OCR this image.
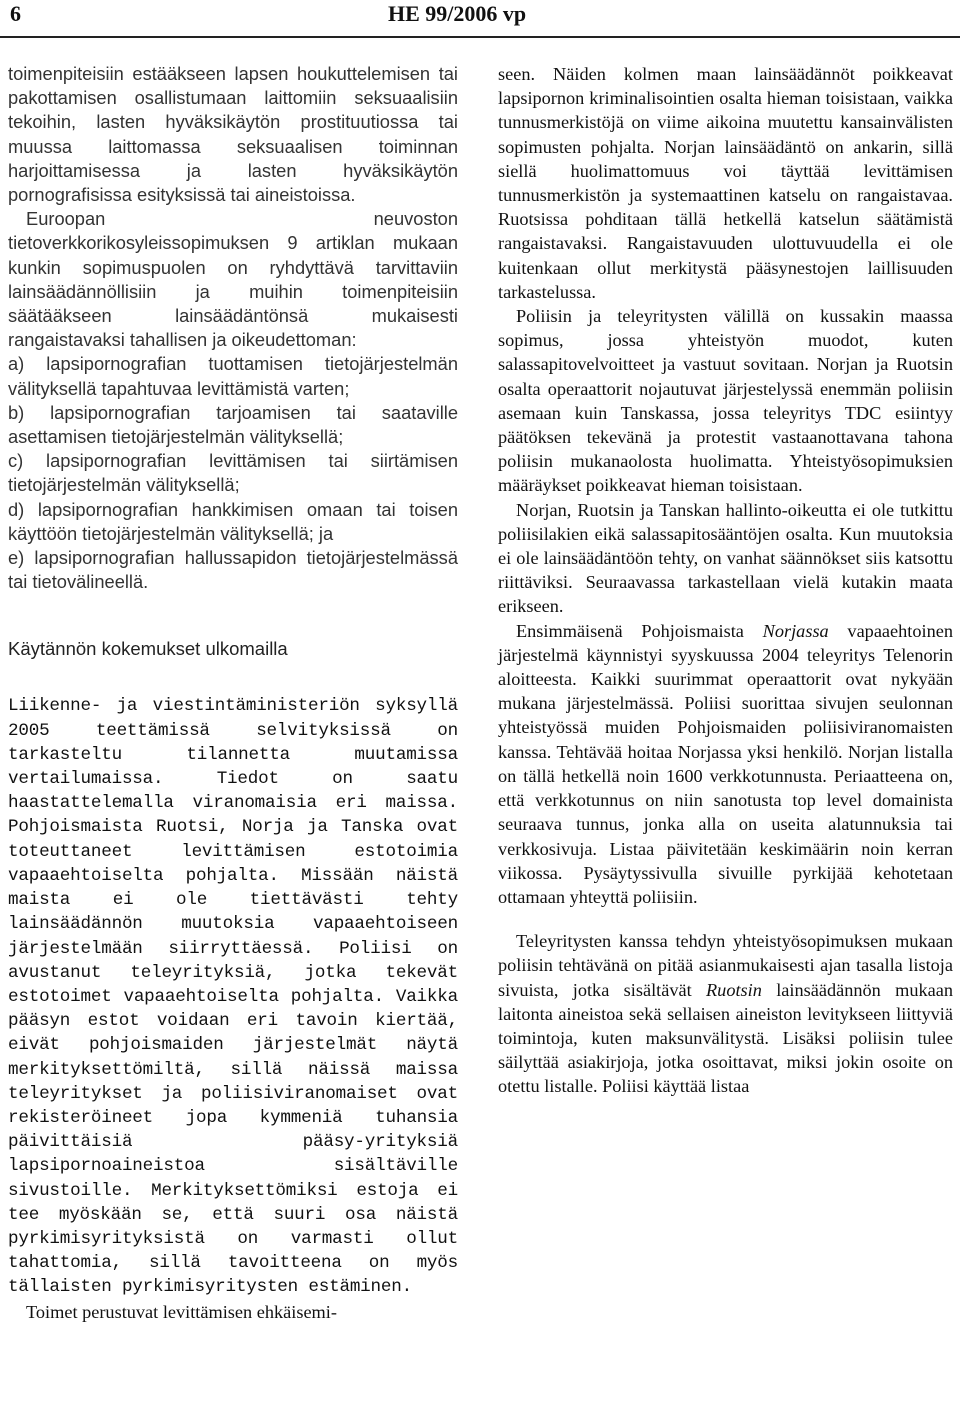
6	HE 99/2006 vp

toimenpiteisiin estääkseen lapsen houkuttelemisen tai pakottamisen osallistumaan laittomiin seksuaalisiin tekoihin, lasten hyväksikäytön prostituutiossa tai muussa laittomassa seksuaalisen toiminnan harjoittamisessa ja lasten hyväksikäytön pornografisissa esityksissä tai aineistoissa.

Euroopan neuvoston tietoverkkorikosyleissopimuksen 9 artiklan mukaan kunkin sopimuspuolen on ryhdyttävä tarvittaviin lainsäädännöllisiin ja muihin toimenpiteisiin säätääkseen lainsäädäntönsä mukaisesti rangaistavaksi tahallisen ja oikeudettoman:

a) lapsipornografian tuottamisen tietojärjestelmän välityksellä tapahtuvaa levittämistä varten;

b) lapsipornografian tarjoamisen tai saataville asettamisen tietojärjestelmän välityksellä;

c) lapsipornografian levittämisen tai siirtämisen tietojärjestelmän välityksellä;

d) lapsipornografian hankkimisen omaan tai toisen käyttöön tietojärjestelmän välityksellä; ja

e) lapsipornografian hallussapidon tietojärjestelmässä tai tietovälineellä.

Käytännön kokemukset ulkomailla

Liikenne- ja viestintäministeriön syksyllä 2005 teettämissä selvityksissä on tarkasteltu tilannetta muutamissa vertailumaissa. Tiedot on saatu haastattelemalla viranomaisia eri maissa. Pohjoismaista Ruotsi, Norja ja Tanska ovat toteuttaneet levittämisen estotoimia vapaaehtoiselta pohjalta. Missään näistä maista ei ole tiettävästi tehty lainsäädännön muutoksia vapaaehtoiseen järjestelmään siirryttäessä. Poliisi on avustanut teleyrityksiä, jotka tekevät estotoimet vapaaehtoiselta pohjalta. Vaikka pääsyn estot voidaan eri tavoin kiertää, eivät pohjoismaiden järjestelmät näytä merkityksettömiltä, sillä näissä maissa teleyritykset ja poliisiviranomaiset ovat rekisteröineet jopa kymmeniä tuhansia päivittäisiä pääsy-yrityksiä lapsipornoaineistoa sisältäville sivustoille. Merkityksettömiksi estoja ei tee myöskään se, että suuri osa näistä pyrkimisyrityksistä on varmasti ollut tahattomia, sillä tavoitteena on myös tällaisten pyrkimisyritysten estäminen.

Toimet perustuvat levittämisen ehkäisemi-

seen. Näiden kolmen maan lainsäädännöt poikkeavat lapsipornon kriminalisointien osalta hieman toisistaan, vaikka tunnusmerkistöjä on viime aikoina muutettu kansainvälisten sopimusten pohjalta. Norjan lainsäädäntö on ankarin, sillä siellä huolimattomuus voi täyttää levittämisen tunnusmerkistön ja systemaattinen katselu on rangaistavaa. Ruotsissa pohditaan tällä hetkellä katselun säätämistä rangaistavaksi. Rangaistavuuden ulottuvuudella ei ole kuitenkaan ollut merkitystä pääsynestojen laillisuuden tarkastelussa.

Poliisin ja teleyritysten välillä on kussakin maassa sopimus, jossa yhteistyön muodot, kuten salassapitovelvoitteet ja vastuut sovitaan. Norjan ja Ruotsin osalta operaattorit nojautuvat järjestelyssä enemmän poliisin asemaan kuin Tanskassa, jossa teleyritys TDC esiintyy päätöksen tekevänä ja protestit vastaanottavana tahona poliisin mukanaolosta huolimatta. Yhteistyösopimuksien määräykset poikkeavat hieman toisistaan.

Norjan, Ruotsin ja Tanskan hallinto-oikeutta ei ole tutkittu poliisilakien eikä salassapitosääntöjen osalta. Kun muutoksia ei ole lainsäädäntöön tehty, on vanhat säännökset siis katsottu riittäviksi. Seuraavassa tarkastellaan vielä kutakin maata erikseen.

Ensimmäisenä Pohjoismaista Norjassa vapaaehtoinen järjestelmä käynnistyi syyskuussa 2004 teleyritys Telenorin aloitteesta. Kaikki suurimmat operaattorit ovat nykyään mukana järjestelmässä. Poliisi suorittaa sivujen seulonnan yhteistyössä muiden Pohjoismaiden poliisiviranomaisten kanssa. Tehtävää hoitaa Norjassa yksi henkilö. Norjan listalla on tällä hetkellä noin 1600 verkkotunnusta. Periaatteena on, että verkkotunnus on niin sanotusta top level domainista seuraava tunnus, jonka alla on useita alatunnuksia tai verkkosivuja. Listaa päivitetään keskimäärin noin kerran viikossa. Pysäytyssivulla sivuille pyrkijää kehotetaan ottamaan yhteyttä poliisiin.

Teleyritysten kanssa tehdyn yhteistyösopimuksen mukaan poliisin tehtävänä on pitää asianmukaisesti ajan tasalla listoja sivuista, jotka sisältävät Ruotsin lainsäädännön mukaan laitonta aineistoa sekä sellaisen aineiston levitykseen liittyviä toimintoja, kuten maksunvälitystä. Lisäksi poliisin tulee säilyttää asiakirjoja, jotka osoittavat, miksi jokin osoite on otettu listalle. Poliisi käyttää listaa
